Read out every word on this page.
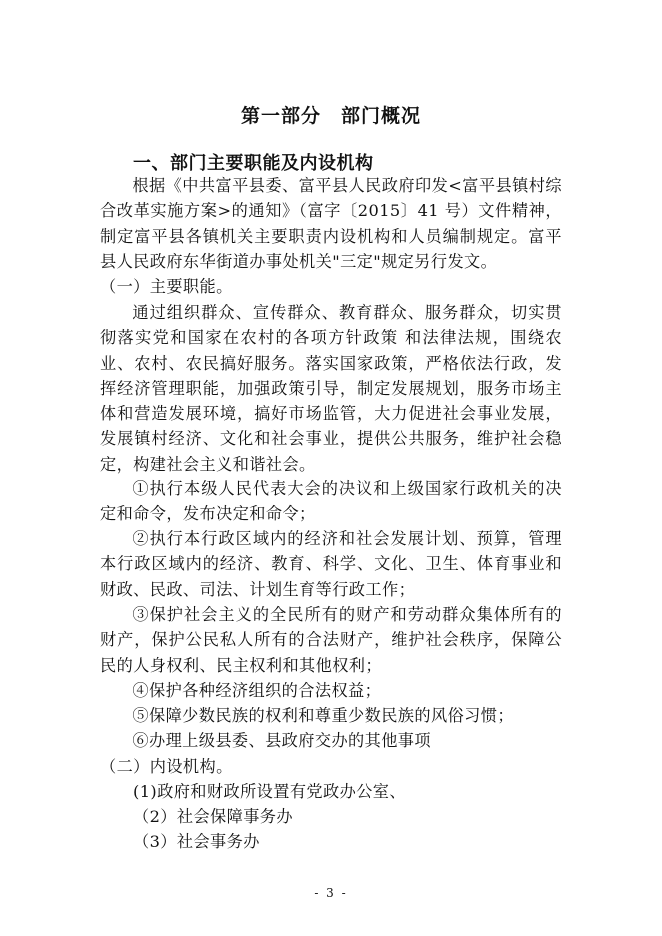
第一部分　部门概况
一、部门主要职能及内设机构
根据《中共富平县委、富平县人民政府印发<富平县镇村综合改革实施方案>的通知》（富字〔2015〕41 号）文件精神，制定富平县各镇机关主要职责内设机构和人员编制规定。富平县人民政府东华街道办事处机关"三定"规定另行发文。
（一）主要职能。
通过组织群众、宣传群众、教育群众、服务群众，切实贯彻落实党和国家在农村的各项方针政策 和法律法规，围绕农业、农村、农民搞好服务。落实国家政策，严格依法行政，发挥经济管理职能，加强政策引导，制定发展规划，服务市场主体和营造发展环境，搞好市场监管，大力促进社会事业发展，发展镇村经济、文化和社会事业，提供公共服务，维护社会稳定，构建社会主义和谐社会。
①执行本级人民代表大会的决议和上级国家行政机关的决定和命令，发布决定和命令；
②执行本行政区域内的经济和社会发展计划、预算，管理本行政区域内的经济、教育、科学、文化、卫生、体育事业和财政、民政、司法、计划生育等行政工作；
③保护社会主义的全民所有的财产和劳动群众集体所有的财产，保护公民私人所有的合法财产，维护社会秩序，保障公民的人身权利、民主权利和其他权利；
④保护各种经济组织的合法权益；
⑤保障少数民族的权利和尊重少数民族的风俗习惯；
⑥办理上级县委、县政府交办的其他事项
（二）内设机构。
(1)政府和财政所设置有党政办公室、
（2）社会保障事务办
（3）社会事务办
- 3 -
